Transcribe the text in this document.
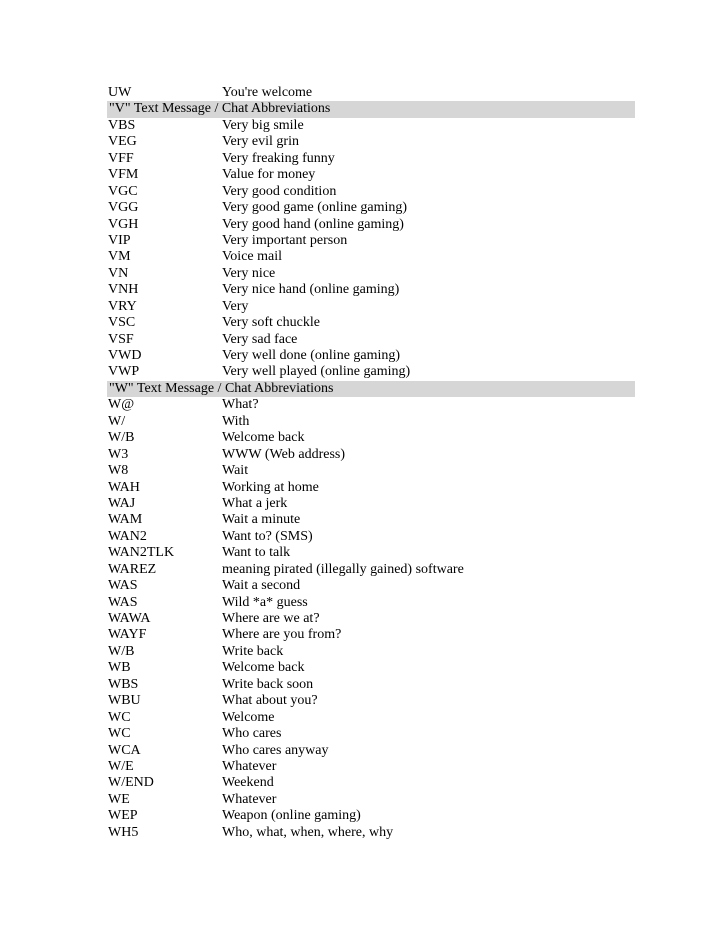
UW	You're welcome
"V" Text Message / Chat Abbreviations
VBS	Very big smile
VEG	Very evil grin
VFF	Very freaking funny
VFM	Value for money
VGC	Very good condition
VGG	Very good game (online gaming)
VGH	Very good hand (online gaming)
VIP	Very important person
VM	Voice mail
VN	Very nice
VNH	Very nice hand (online gaming)
VRY	Very
VSC	Very soft chuckle
VSF	Very sad face
VWD	Very well done (online gaming)
VWP	Very well played (online gaming)
"W" Text Message / Chat Abbreviations
W@	What?
W/	With
W/B	Welcome back
W3	WWW (Web address)
W8	Wait
WAH	Working at home
WAJ	What a jerk
WAM	Wait a minute
WAN2	Want to? (SMS)
WAN2TLK	Want to talk
WAREZ	meaning pirated (illegally gained) software
WAS	Wait a second
WAS	Wild *a* guess
WAWA	Where are we at?
WAYF	Where are you from?
W/B	Write back
WB	Welcome back
WBS	Write back soon
WBU	What about you?
WC	Welcome
WC	Who cares
WCA	Who cares anyway
W/E	Whatever
W/END	Weekend
WE	Whatever
WEP	Weapon (online gaming)
WH5	Who, what, when, where, why
